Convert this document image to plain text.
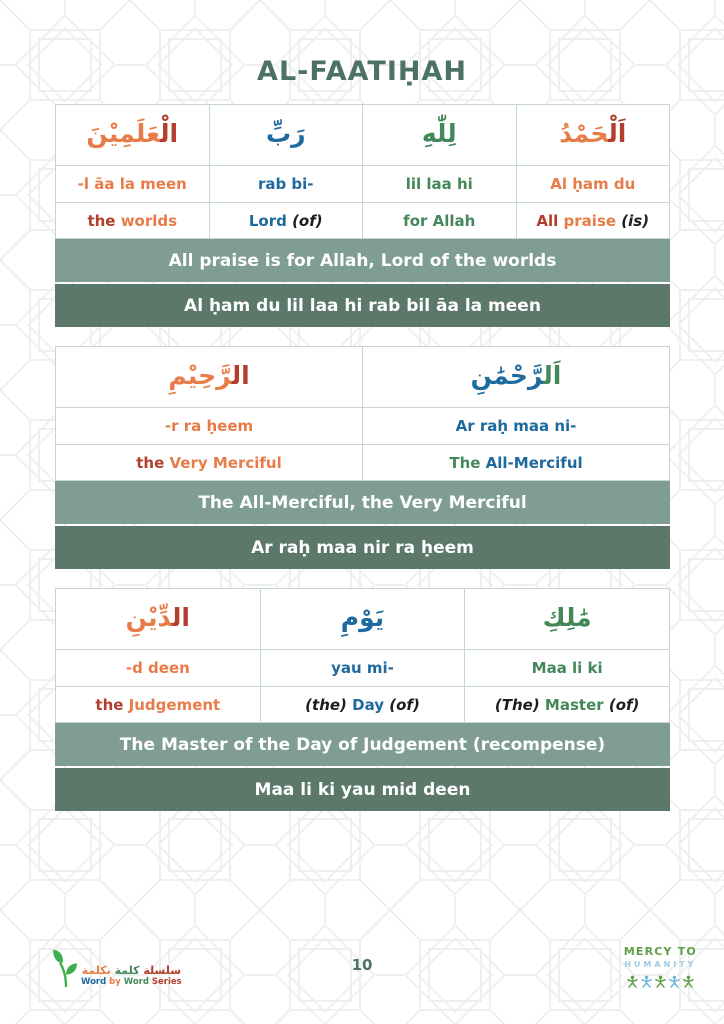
AL-FAATIḤAH
الْ‍‍عَلَمِيْنَ	رَبِّ	لِلّٰهِ	اَلْ‍‍حَمْدُ
-l āa la meen	rab bi-	lil laa hi	Al ḥam du
the worlds	Lord (of)	for Allah	All praise (is)
All praise is for Allah, Lord of the worlds
Al ḥam du lil laa hi rab bil āa la meen
ال‍‍رَّحِيْمِ	اَل‍‍رَّحْمَٰنِ
-r ra ḥeem	Ar raḥ maa ni-
the Very Merciful	The All-Merciful
The All-Merciful, the Very Merciful
Ar raḥ maa nir ra ḥeem
ال‍‍دِّيْنِ	يَوْمِ	مَٰلِكِ
-d deen	yau mi-	Maa li ki
the Judgement	(the) Day (of)	(The) Master (of)
The Master of the Day of Judgement (recompense)
Maa li ki yau mid deen
سلسلة كلمة بكلمة
Word by Word Series
10
MERCY TO
HUMANITY
